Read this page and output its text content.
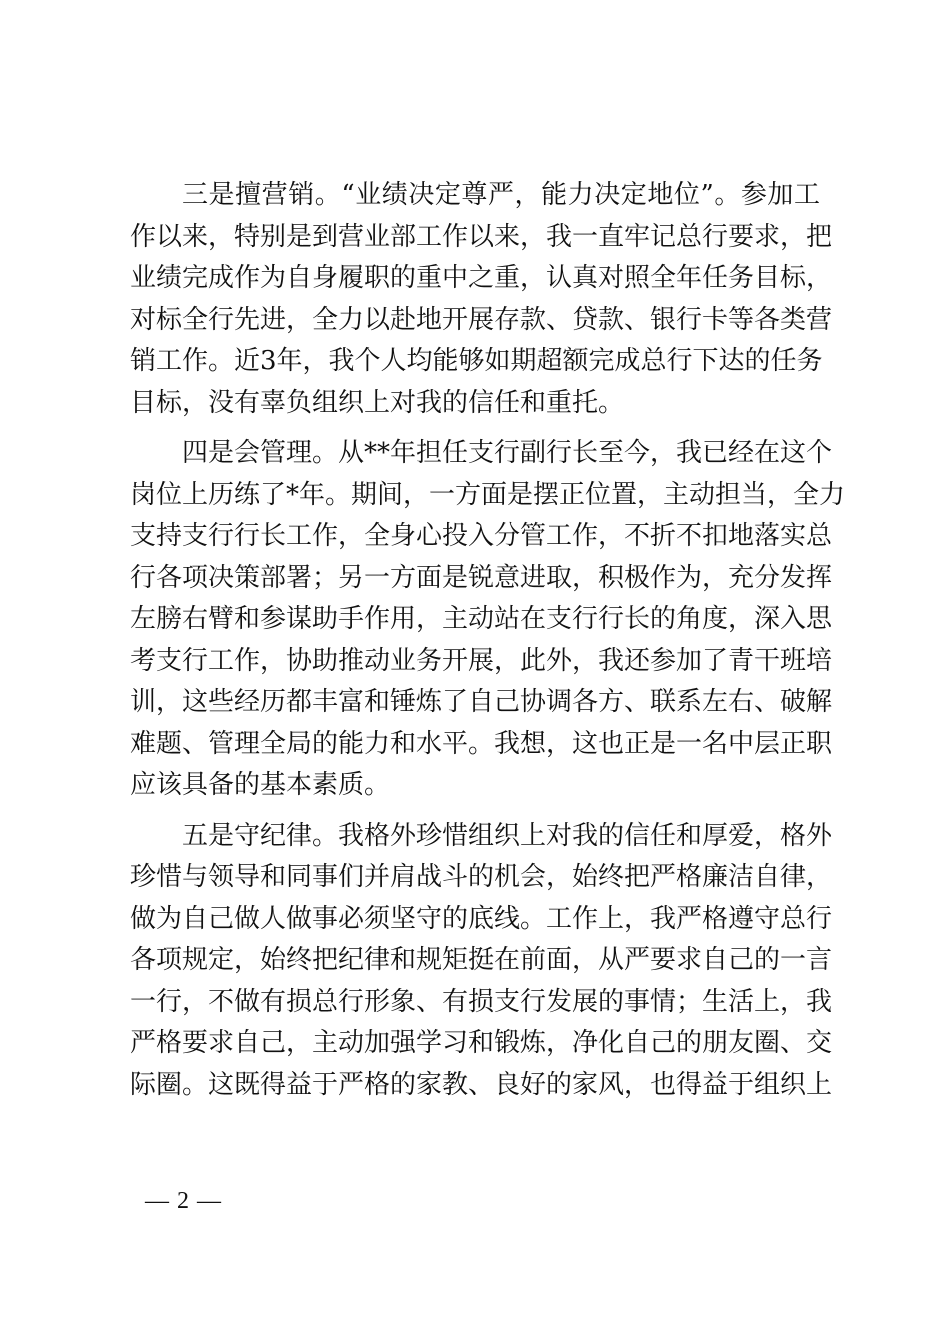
三是擅营销。“业绩决定尊严，能力决定地位”。参加工
作以来，特别是到营业部工作以来，我一直牢记总行要求，把
业绩完成作为自身履职的重中之重，认真对照全年任务目标，
对标全行先进，全力以赴地开展存款、贷款、银行卡等各类营
销工作。近3年，我个人均能够如期超额完成总行下达的任务
目标，没有辜负组织上对我的信任和重托。
四是会管理。从**年担任支行副行长至今，我已经在这个
岗位上历练了*年。期间，一方面是摆正位置，主动担当，全力
支持支行行长工作，全身心投入分管工作，不折不扣地落实总
行各项决策部署；另一方面是锐意进取，积极作为，充分发挥
左膀右臂和参谋助手作用，主动站在支行行长的角度，深入思
考支行工作，协助推动业务开展，此外，我还参加了青干班培
训，这些经历都丰富和锤炼了自己协调各方、联系左右、破解
难题、管理全局的能力和水平。我想，这也正是一名中层正职
应该具备的基本素质。
五是守纪律。我格外珍惜组织上对我的信任和厚爱，格外
珍惜与领导和同事们并肩战斗的机会，始终把严格廉洁自律，
做为自己做人做事必须坚守的底线。工作上，我严格遵守总行
各项规定，始终把纪律和规矩挺在前面，从严要求自己的一言
一行，不做有损总行形象、有损支行发展的事情；生活上，我
严格要求自己，主动加强学习和锻炼，净化自己的朋友圈、交
际圈。这既得益于严格的家教、良好的家风，也得益于组织上
— 2 —
